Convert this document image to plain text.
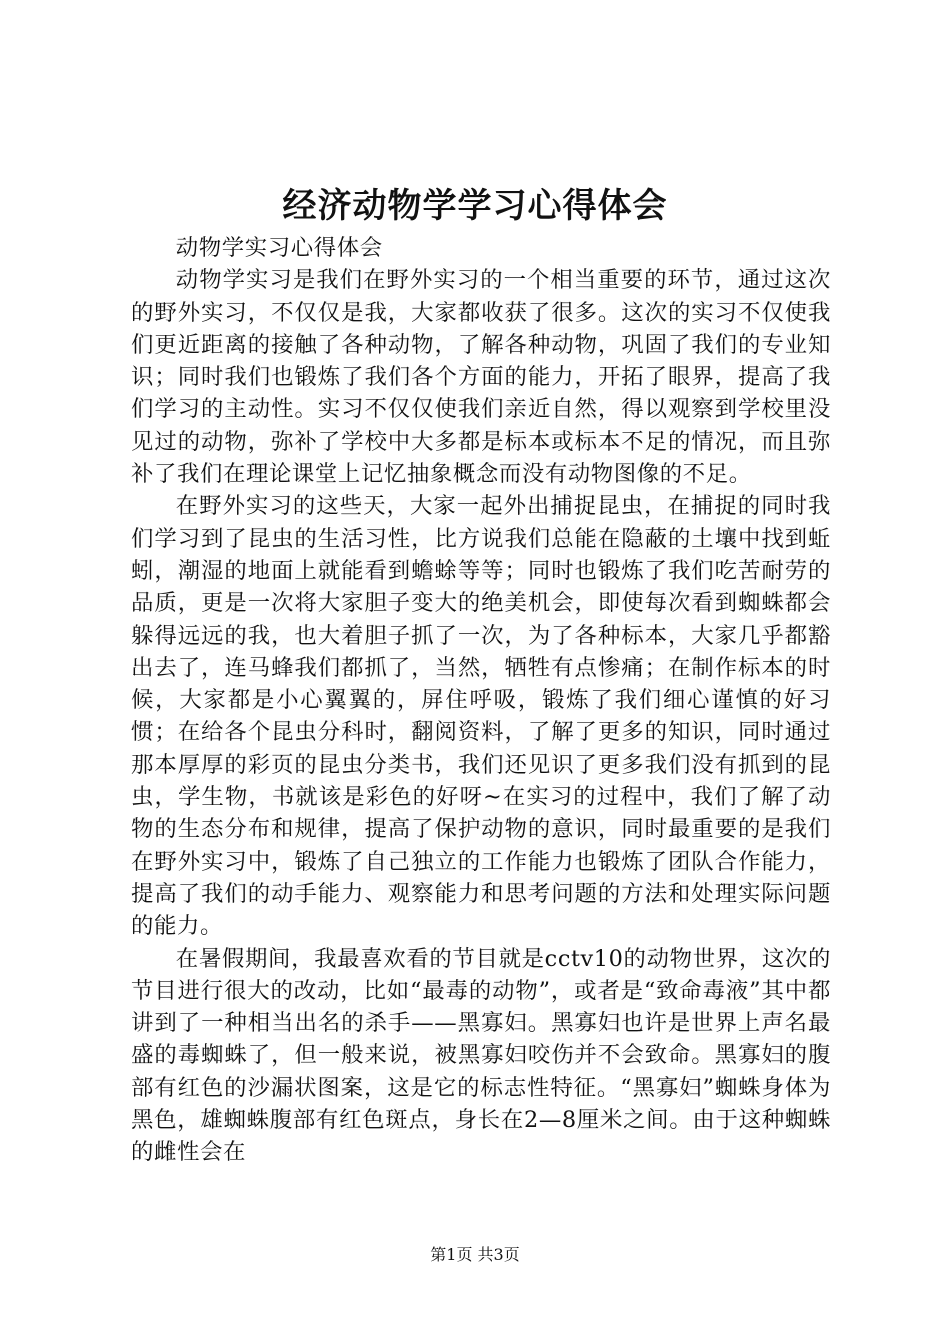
经济动物学学习心得体会

动物学实习心得体会

动物学实习是我们在野外实习的一个相当重要的环节，通过这次的野外实习，不仅仅是我，大家都收获了很多。这次的实习不仅使我们更近距离的接触了各种动物，了解各种动物，巩固了我们的专业知识；同时我们也锻炼了我们各个方面的能力，开拓了眼界，提高了我们学习的主动性。实习不仅仅使我们亲近自然，得以观察到学校里没见过的动物，弥补了学校中大多都是标本或标本不足的情况，而且弥补了我们在理论课堂上记忆抽象概念而没有动物图像的不足。

在野外实习的这些天，大家一起外出捕捉昆虫，在捕捉的同时我们学习到了昆虫的生活习性，比方说我们总能在隐蔽的土壤中找到蚯蚓，潮湿的地面上就能看到蟾蜍等等；同时也锻炼了我们吃苦耐劳的品质，更是一次将大家胆子变大的绝美机会，即使每次看到蜘蛛都会躲得远远的我，也大着胆子抓了一次，为了各种标本，大家几乎都豁出去了，连马蜂我们都抓了，当然，牺牲有点惨痛；在制作标本的时候，大家都是小心翼翼的，屏住呼吸，锻炼了我们细心谨慎的好习惯；在给各个昆虫分科时，翻阅资料，了解了更多的知识，同时通过那本厚厚的彩页的昆虫分类书，我们还见识了更多我们没有抓到的昆虫，学生物，书就该是彩色的好呀~在实习的过程中，我们了解了动物的生态分布和规律，提高了保护动物的意识，同时最重要的是我们在野外实习中，锻炼了自己独立的工作能力也锻炼了团队合作能力，提高了我们的动手能力、观察能力和思考问题的方法和处理实际问题的能力。

在暑假期间，我最喜欢看的节目就是cctv10的动物世界，这次的节目进行很大的改动，比如“最毒的动物”，或者是“致命毒液”其中都讲到了一种相当出名的杀手——黑寡妇。黑寡妇也许是世界上声名最盛的毒蜘蛛了，但一般来说，被黑寡妇咬伤并不会致命。黑寡妇的腹部有红色的沙漏状图案，这是它的标志性特征。“黑寡妇”蜘蛛身体为黑色，雄蜘蛛腹部有红色斑点，身长在2—8厘米之间。由于这种蜘蛛的雌性会在

第1页 共3页
